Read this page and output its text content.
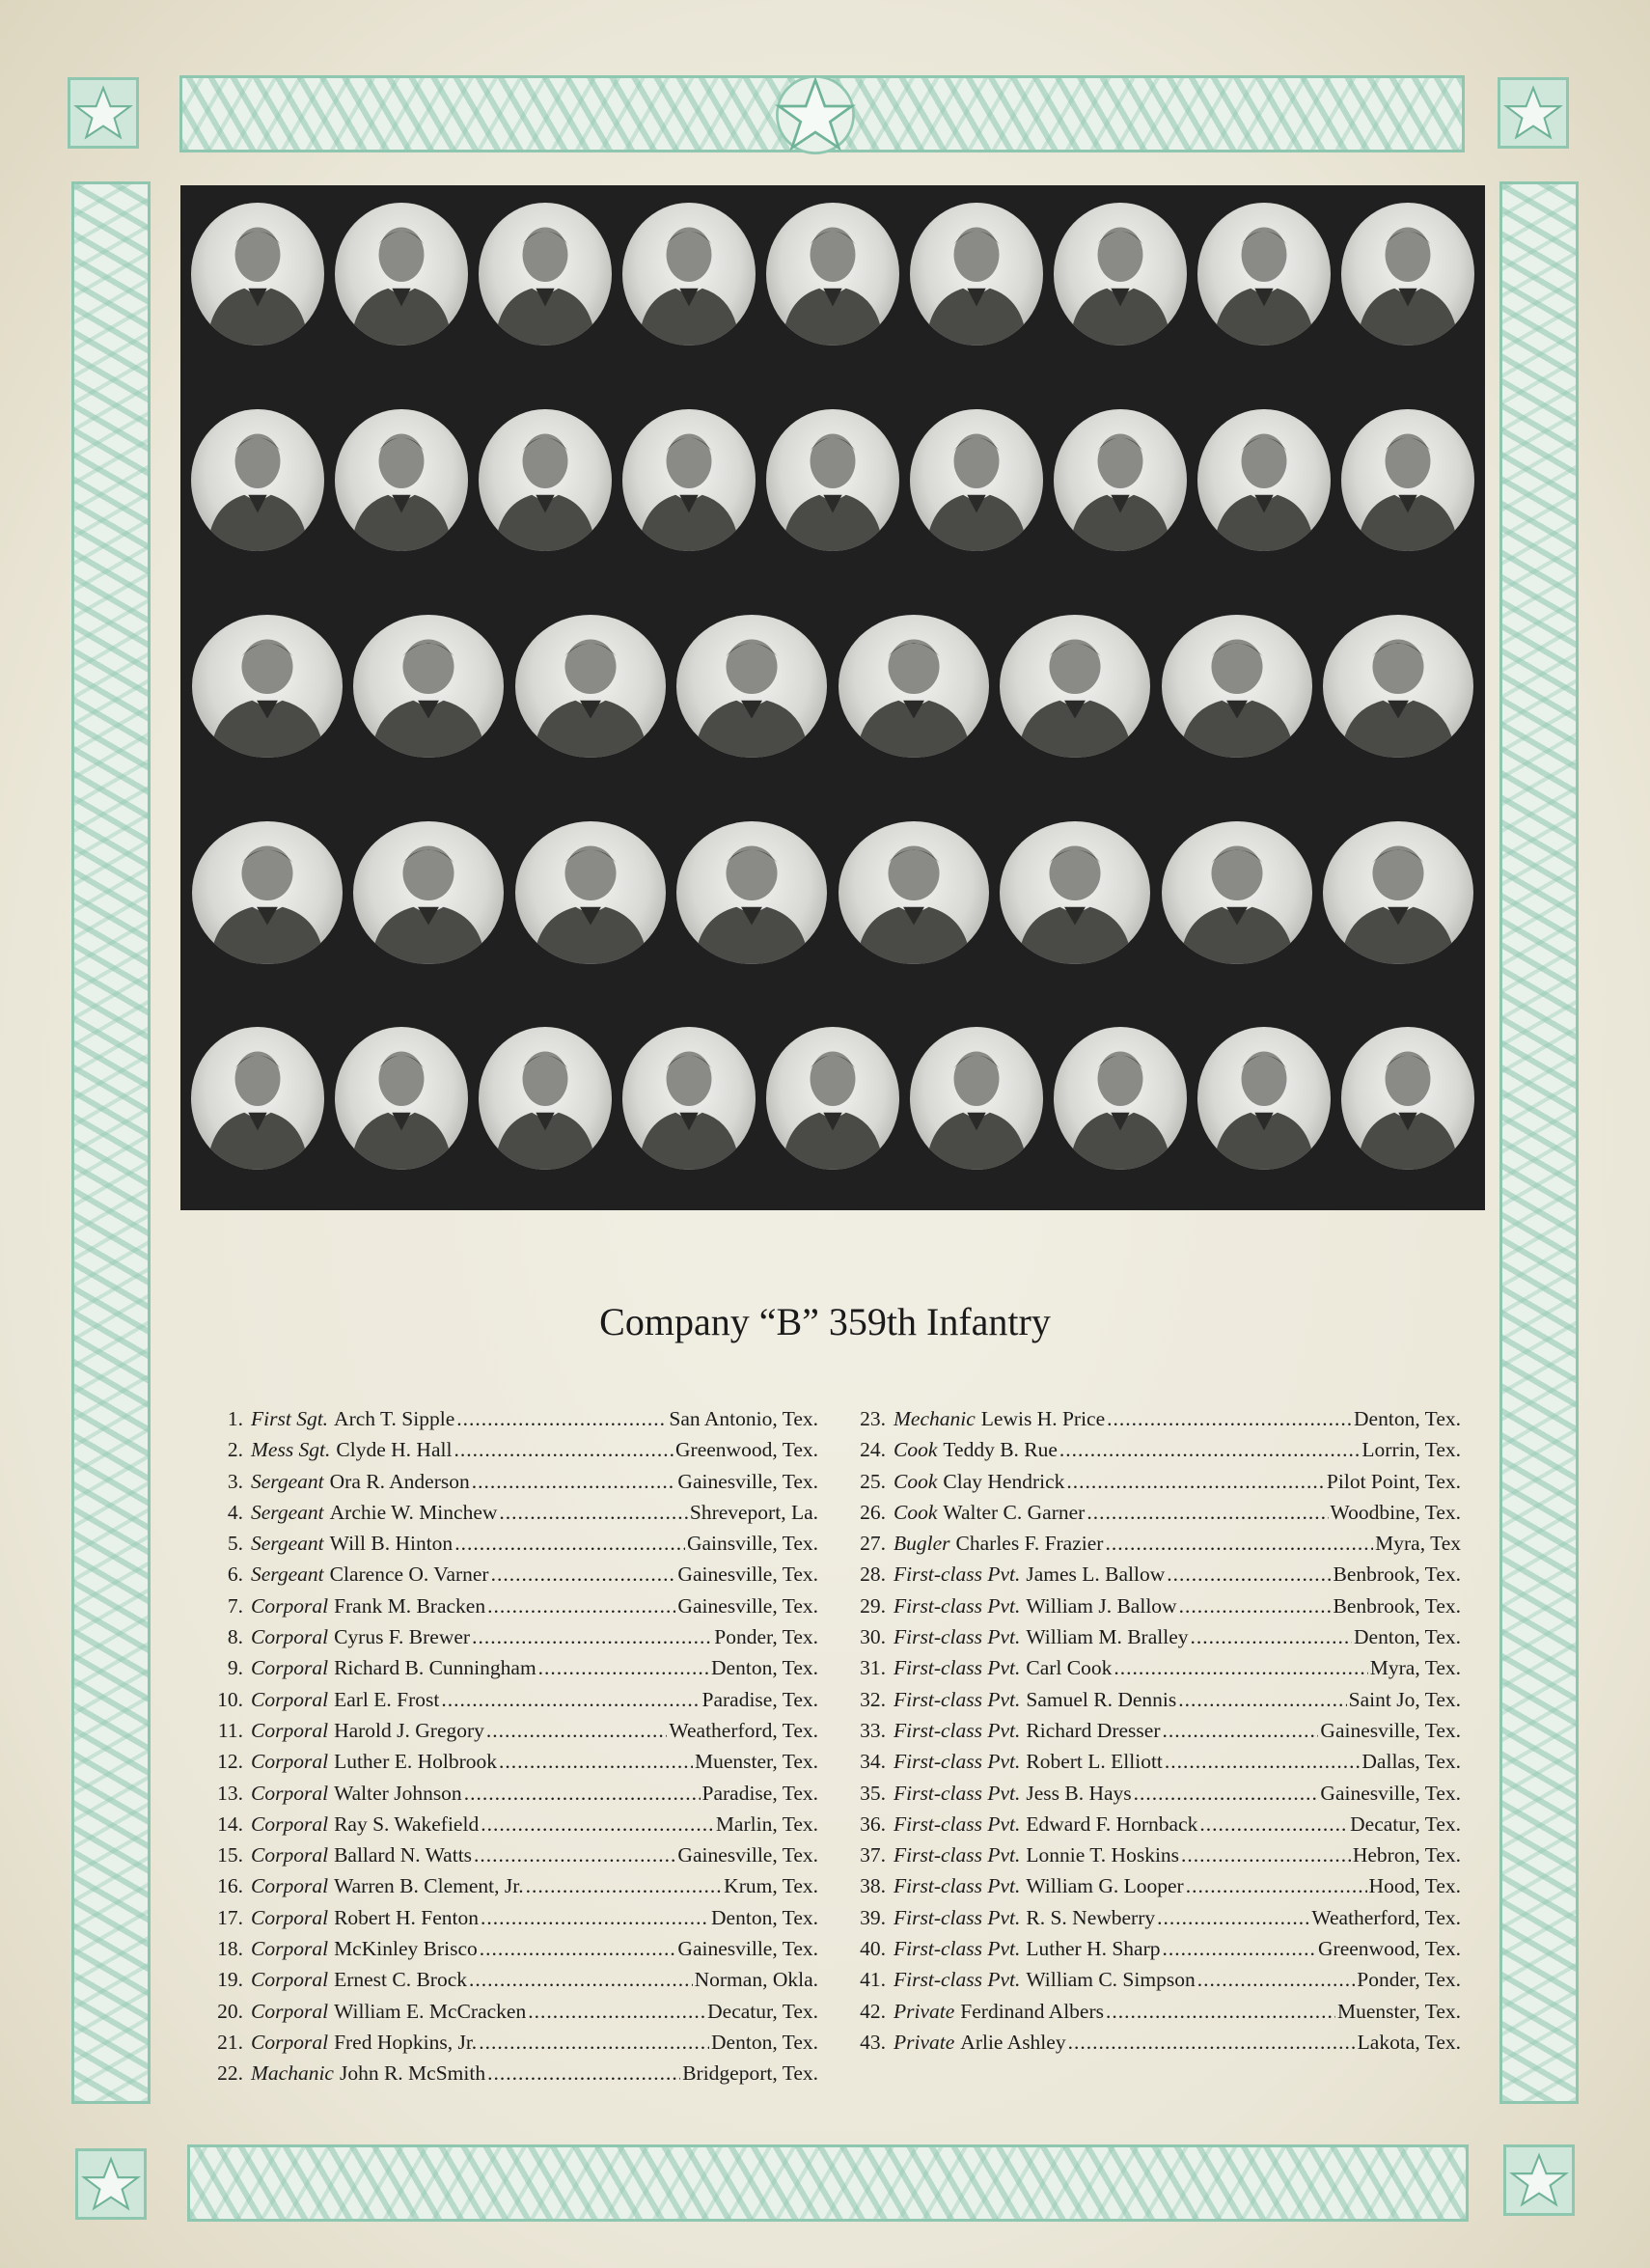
Company “B” 359th Infantry
1. First Sgt. Arch T. Sipple .....	San Antonio, Tex.
2. Mess Sgt. Clyde H. Hall .....	Greenwood, Tex.
3. Sergeant Ora R. Anderson .....	Gainesville, Tex.
4. Sergeant Archie W. Minchew .....	Shreveport, La.
5. Sergeant Will B. Hinton .....	Gainsville, Tex.
6. Sergeant Clarence O. Varner .....	Gainesville, Tex.
7. Corporal Frank M. Bracken .....	Gainesville, Tex.
8. Corporal Cyrus F. Brewer .....	Ponder, Tex.
9. Corporal Richard B. Cunningham .....	Denton, Tex.
10. Corporal Earl E. Frost .....	Paradise, Tex.
11. Corporal Harold J. Gregory .....	Weatherford, Tex.
12. Corporal Luther E. Holbrook .....	Muenster, Tex.
13. Corporal Walter Johnson .....	Paradise, Tex.
14. Corporal Ray S. Wakefield .....	Marlin, Tex.
15. Corporal Ballard N. Watts .....	Gainesville, Tex.
16. Corporal Warren B. Clement, Jr. .....	Krum, Tex.
17. Corporal Robert H. Fenton .....	Denton, Tex.
18. Corporal McKinley Brisco .....	Gainesville, Tex.
19. Corporal Ernest C. Brock .....	Norman, Okla.
20. Corporal William E. McCracken .....	Decatur, Tex.
21. Corporal Fred Hopkins, Jr. .....	Denton, Tex.
22. Machanic John R. McSmith .....	Bridgeport, Tex.
23. Mechanic Lewis H. Price .....	Denton, Tex.
24. Cook Teddy B. Rue .....	Lorrin, Tex.
25. Cook Clay Hendrick .....	Pilot Point, Tex.
26. Cook Walter C. Garner .....	Woodbine, Tex.
27. Bugler Charles F. Frazier .....	Myra, Tex
28. First-class Pvt. James L. Ballow .....	Benbrook, Tex.
29. First-class Pvt. William J. Ballow .....	Benbrook, Tex.
30. First-class Pvt. William M. Bralley .....	Denton, Tex.
31. First-class Pvt. Carl Cook .....	Myra, Tex.
32. First-class Pvt. Samuel R. Dennis .....	Saint Jo, Tex.
33. First-class Pvt. Richard Dresser .....	Gainesville, Tex.
34. First-class Pvt. Robert L. Elliott .....	Dallas, Tex.
35. First-class Pvt. Jess B. Hays .....	Gainesville, Tex.
36. First-class Pvt. Edward F. Hornback .....	Decatur, Tex.
37. First-class Pvt. Lonnie T. Hoskins .....	Hebron, Tex.
38. First-class Pvt. William G. Looper .....	Hood, Tex.
39. First-class Pvt. R. S. Newberry .....	Weatherford, Tex.
40. First-class Pvt. Luther H. Sharp .....	Greenwood, Tex.
41. First-class Pvt. William C. Simpson .....	Ponder, Tex.
42. Private Ferdinand Albers .....	Muenster, Tex.
43. Private Arlie Ashley .....	Lakota, Tex.
